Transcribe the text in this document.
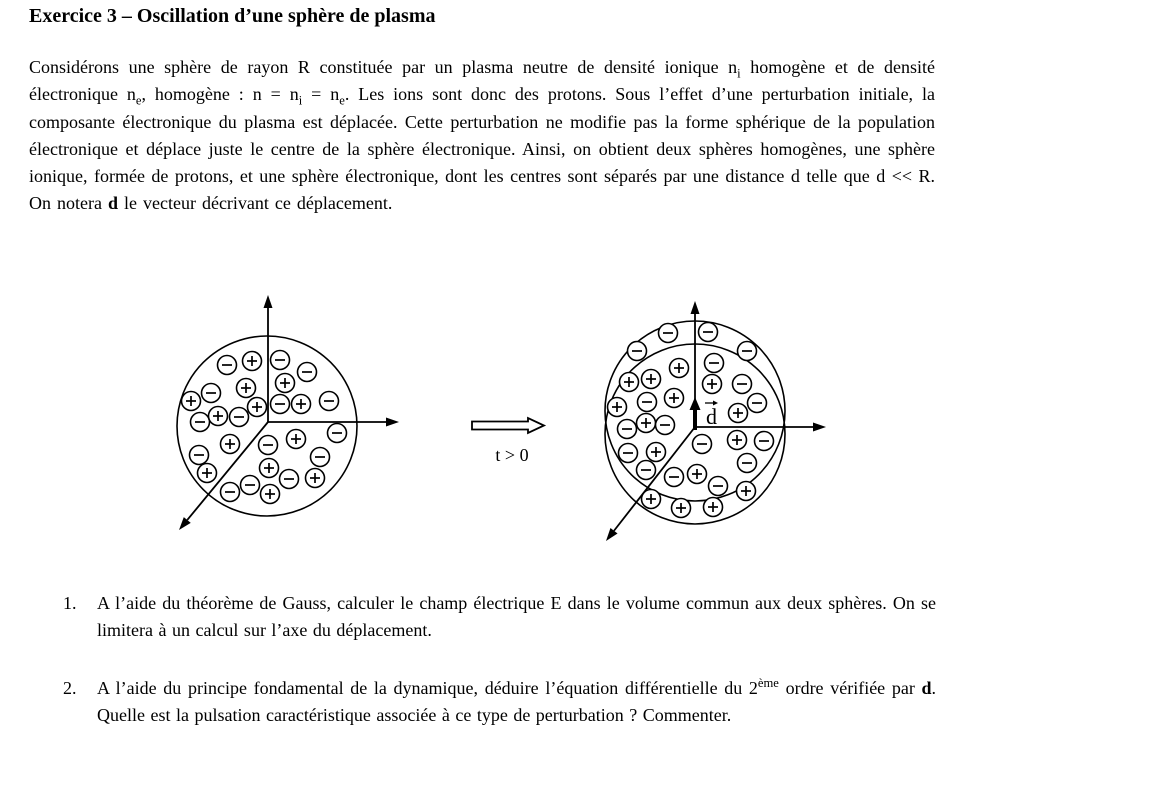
Exercice 3 – Oscillation d’une sphère de plasma
Considérons une sphère de rayon R constituée par un plasma neutre de densité ionique $n_i$ homogène et de densité électronique $n_e$, homogène : $n = n_i = n_e$. Les ions sont donc des protons. Sous l’effet d’une perturbation initiale, la composante électronique du plasma est déplacée. Cette perturbation ne modifie pas la forme sphérique de la population électronique et déplace juste le centre de la sphère électronique. Ainsi, on obtient deux sphères homogènes, une sphère ionique, formée de protons, et une sphère électronique, dont les centres sont séparés par une distance d telle que d << R. On notera d le vecteur décrivant ce déplacement.
t > 0
d
1.	A l’aide du théorème de Gauss, calculer le champ électrique E dans le volume commun aux deux sphères. On se limitera à un calcul sur l’axe du déplacement.
2.	A l’aide du principe fondamental de la dynamique, déduire l’équation différentielle du 2ème ordre vérifiée par d. Quelle est la pulsation caractéristique associée à ce type de perturbation ? Commenter.
